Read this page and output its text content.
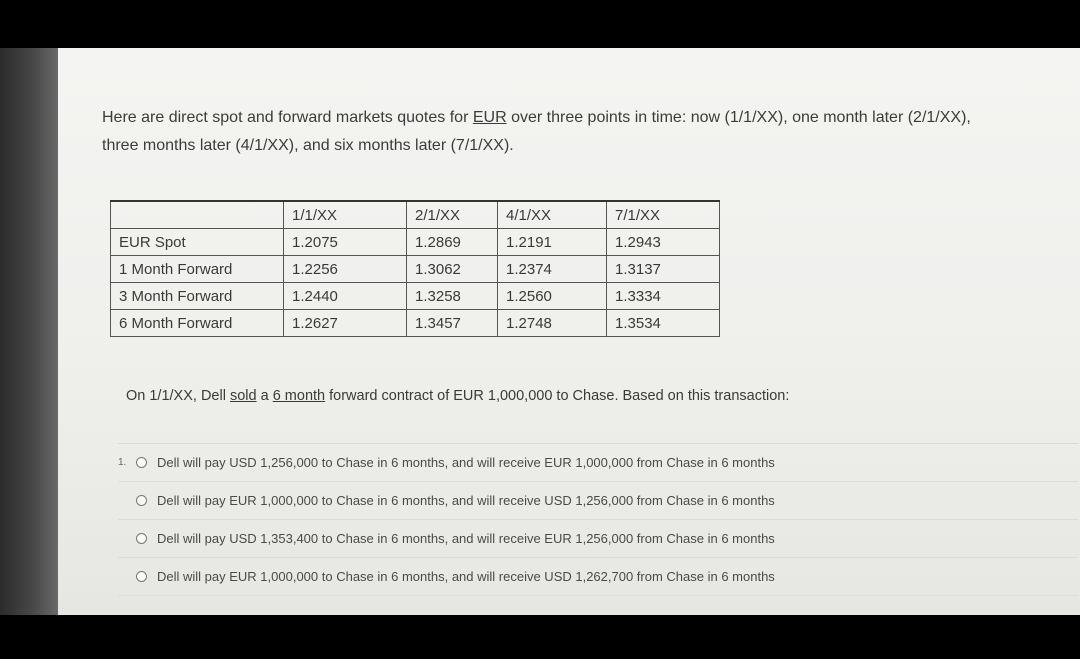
Here are direct spot and forward markets quotes for EUR over three points in time: now (1/1/XX), one month later (2/1/XX),
three months later (4/1/XX), and six months later (7/1/XX).
	1/1/XX	2/1/XX	4/1/XX	7/1/XX
EUR Spot	1.2075	1.2869	1.2191	1.2943
1 Month Forward	1.2256	1.3062	1.2374	1.3137
3 Month Forward	1.2440	1.3258	1.2560	1.3334
6 Month Forward	1.2627	1.3457	1.2748	1.3534
On 1/1/XX, Dell sold a 6 month forward contract of EUR 1,000,000 to Chase. Based on this transaction:
1.	Dell will pay USD 1,256,000 to Chase in 6 months, and will receive EUR 1,000,000 from Chase in 6 months
Dell will pay EUR 1,000,000 to Chase in 6 months, and will receive USD 1,256,000 from Chase in 6 months
Dell will pay USD 1,353,400 to Chase in 6 months, and will receive EUR 1,256,000 from Chase in 6 months
Dell will pay EUR 1,000,000 to Chase in 6 months, and will receive USD 1,262,700 from Chase in 6 months
